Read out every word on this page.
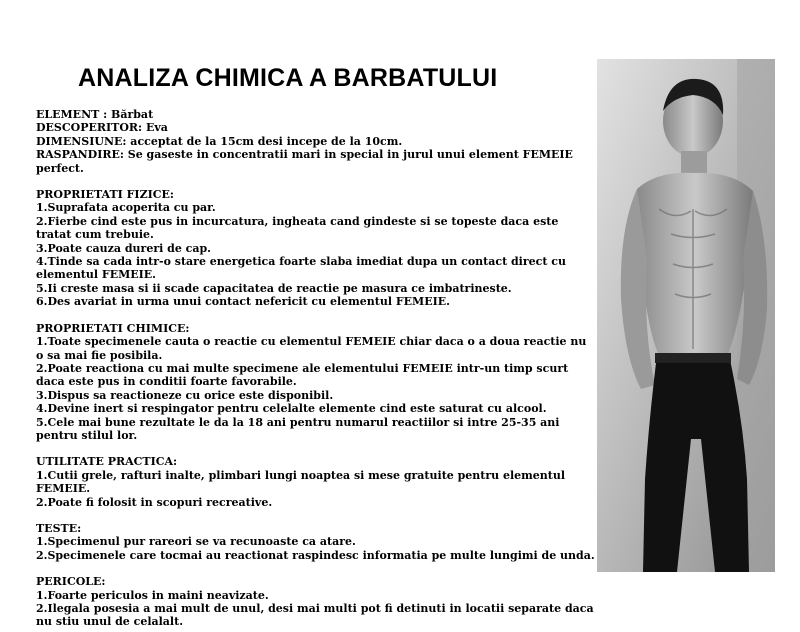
ANALIZA CHIMICA A BARBATULUI

ELEMENT : Bărbat

DESCOPERITOR: Eva

DIMENSIUNE: acceptat de la 15cm desi incepe de la 10cm.

RASPANDIRE: Se gaseste in concentratii mari in special in jurul unui element FEMEIE perfect.

PROPRIETATI FIZICE:

1.Suprafata acoperita cu par.

2.Fierbe cind este pus in incurcatura, ingheata cand gindeste si se topeste daca este tratat cum trebuie.

3.Poate cauza dureri de cap.

4.Tinde sa cada intr-o stare energetica foarte slaba imediat dupa un contact direct cu elementul FEMEIE.

5.Ii creste masa si ii scade capacitatea de reactie pe masura ce imbatrineste.

6.Des avariat in urma unui contact nefericit cu elementul FEMEIE.

PROPRIETATI CHIMICE:

1.Toate specimenele cauta o reactie cu elementul FEMEIE chiar daca o a doua reactie nu o sa mai fie posibila.

2.Poate reactiona cu mai multe specimene ale elementului FEMEIE intr-un timp scurt daca este pus in conditii foarte favorabile.

3.Dispus sa reactioneze cu orice este disponibil.

4.Devine inert si respingator pentru celelalte elemente cind este saturat cu alcool.

5.Cele mai bune rezultate le da la 18 ani pentru numarul reactiilor si intre 25-35 ani pentru stilul lor.

UTILITATE PRACTICA:

1.Cutii grele, rafturi inalte, plimbari lungi noaptea si mese gratuite pentru elementul FEMEIE.

2.Poate fi folosit in scopuri recreative.

TESTE:

1.Specimenul pur rareori se va recunoaste ca atare.

2.Specimenele care tocmai au reactionat raspindesc informatia pe multe lungimi de unda.

PERICOLE:

1.Foarte periculos in maini neavizate.

2.Ilegala posesia a mai mult de unul, desi mai multi pot fi detinuti in locatii separate daca nu stiu unul de celalalt.
